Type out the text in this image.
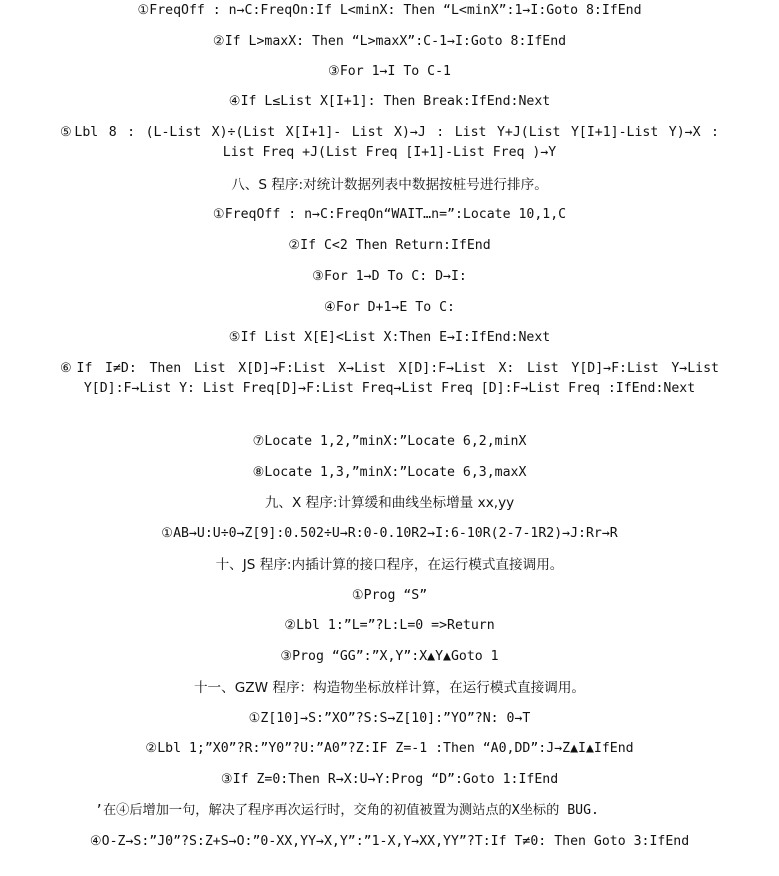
①FreqOff : n→C:FreqOn:If L<minX: Then “L<minX”:1→I:Goto 8:IfEnd
②If L>maxX: Then “L>maxX”:C-1→I:Goto 8:IfEnd
③For 1→I To C-1
④If L≤List X[I+1]: Then Break:IfEnd:Next
⑤Lbl 8 : (L-List X)÷(List X[I+1]- List X)→J : List Y+J(List Y[I+1]-List Y)→X : List Freq +J(List Freq [I+1]-List Freq )→Y
八、S 程序:对统计数据列表中数据按桩号进行排序。
①FreqOff : n→C:FreqOn“WAIT…n=”:Locate 10,1,C
②If C<2 Then Return:IfEnd
③For 1→D To C: D→I:
④For D+1→E To C:
⑤If List X[E]<List X:Then E→I:IfEnd:Next
⑥If I≠D: Then List X[D]→F:List X→List X[D]:F→List X: List Y[D]→F:List Y→List Y[D]:F→List Y: List Freq[D]→F:List Freq→List Freq [D]:F→List Freq :IfEnd:Next
⑦Locate 1,2,”minX:”Locate 6,2,minX
⑧Locate 1,3,”minX:”Locate 6,3,maxX
九、X 程序:计算缓和曲线坐标增量 xx,yy
①AB→U:U÷0→Z[9]:0.502÷U→R:0-0.10R2→I:6-10R(2-7-1R2)→J:Rr→R
十、JS 程序:内插计算的接口程序，在运行模式直接调用。
①Prog “S”
②Lbl 1:”L=”?L:L=0 =>Return
③Prog “GG”:”X,Y”:X▲Y▲Goto 1
十一、GZW 程序：构造物坐标放样计算，在运行模式直接调用。
①Z[10]→S:”XO”?S:S→Z[10]:”YO”?N: 0→T
②Lbl 1;”X0”?R:”Y0”?U:”A0”?Z:IF Z=-1 :Then “A0,DD”:J→Z▲I▲IfEnd
③If Z=0:Then R→X:U→Y:Prog “D”:Goto 1:IfEnd
’在④后增加一句，解决了程序再次运行时，交角的初值被置为测站点的X坐标的 BUG.
④O-Z→S:”J0”?S:Z+S→O:”0-XX,YY→X,Y”:”1-X,Y→XX,YY”?T:If T≠0: Then Goto 3:IfEnd
